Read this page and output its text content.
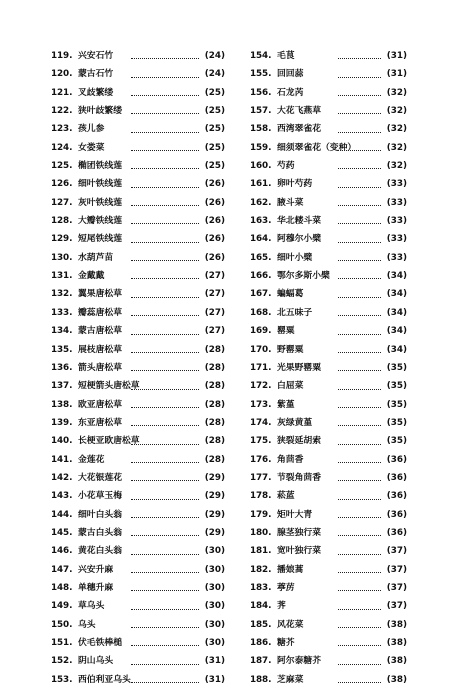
119. 兴安石竹	(24)
120. 蒙古石竹	(24)
121. 叉歧繁缕	(25)
122. 狭叶歧繁缕	(25)
123. 孩儿参	(25)
124. 女娄菜	(25)
125. 椭团铁线莲	(25)
126. 细叶铁线莲	(26)
127. 灰叶铁线莲	(26)
128. 大瓣铁线莲	(26)
129. 短尾铁线莲	(26)
130. 水葫芦苗	(26)
131. 金戴戴	(27)
132. 翼果唐松草	(27)
133. 瓣蕊唐松草	(27)
134. 蒙古唐松草	(27)
135. 展枝唐松草	(28)
136. 箭头唐松草	(28)
137. 短梗箭头唐松草	(28)
138. 欧亚唐松草	(28)
139. 东亚唐松草	(28)
140. 长梗亚欧唐松草	(28)
141. 金莲花	(28)
142. 大花银莲花	(29)
143. 小花草玉梅	(29)
144. 细叶白头翁	(29)
145. 蒙古白头翁	(29)
146. 黄花白头翁	(30)
147. 兴安升麻	(30)
148. 单穗升麻	(30)
149. 草乌头	(30)
150. 乌头	(30)
151. 伏毛铁棒槌	(30)
152. 阴山乌头	(31)
153. 西伯利亚乌头	(31)
154. 毛茛	(31)
155. 回回蒜	(31)
156. 石龙芮	(32)
157. 大花飞燕草	(32)
158. 西湾翠雀花	(32)
159. 细须翠雀花（变种）	(32)
160. 芍药	(32)
161. 卵叶芍药	(33)
162. 腋斗菜	(33)
163. 华北耧斗菜	(33)
164. 阿穆尔小檗	(33)
165. 细叶小檗	(33)
166. 鄂尔多斯小檗	(34)
167. 蝙蝠葛	(34)
168. 北五味子	(34)
169. 罂粟	(34)
170. 野罂粟	(34)
171. 光果野罂粟	(35)
172. 白屈菜	(35)
173. 紫堇	(35)
174. 灰绿黄堇	(35)
175. 狭裂延胡索	(35)
176. 角茴香	(36)
177. 节裂角茴香	(36)
178. 菘蓝	(36)
179. 矩叶大青	(36)
180. 腺茎独行菜	(36)
181. 宽叶独行菜	(37)
182. 播娘蒿	(37)
183. 葶苈	(37)
184. 荠	(37)
185. 风花菜	(38)
186. 糖芥	(38)
187. 阿尔泰糖芥	(38)
188. 芝麻菜	(38)
